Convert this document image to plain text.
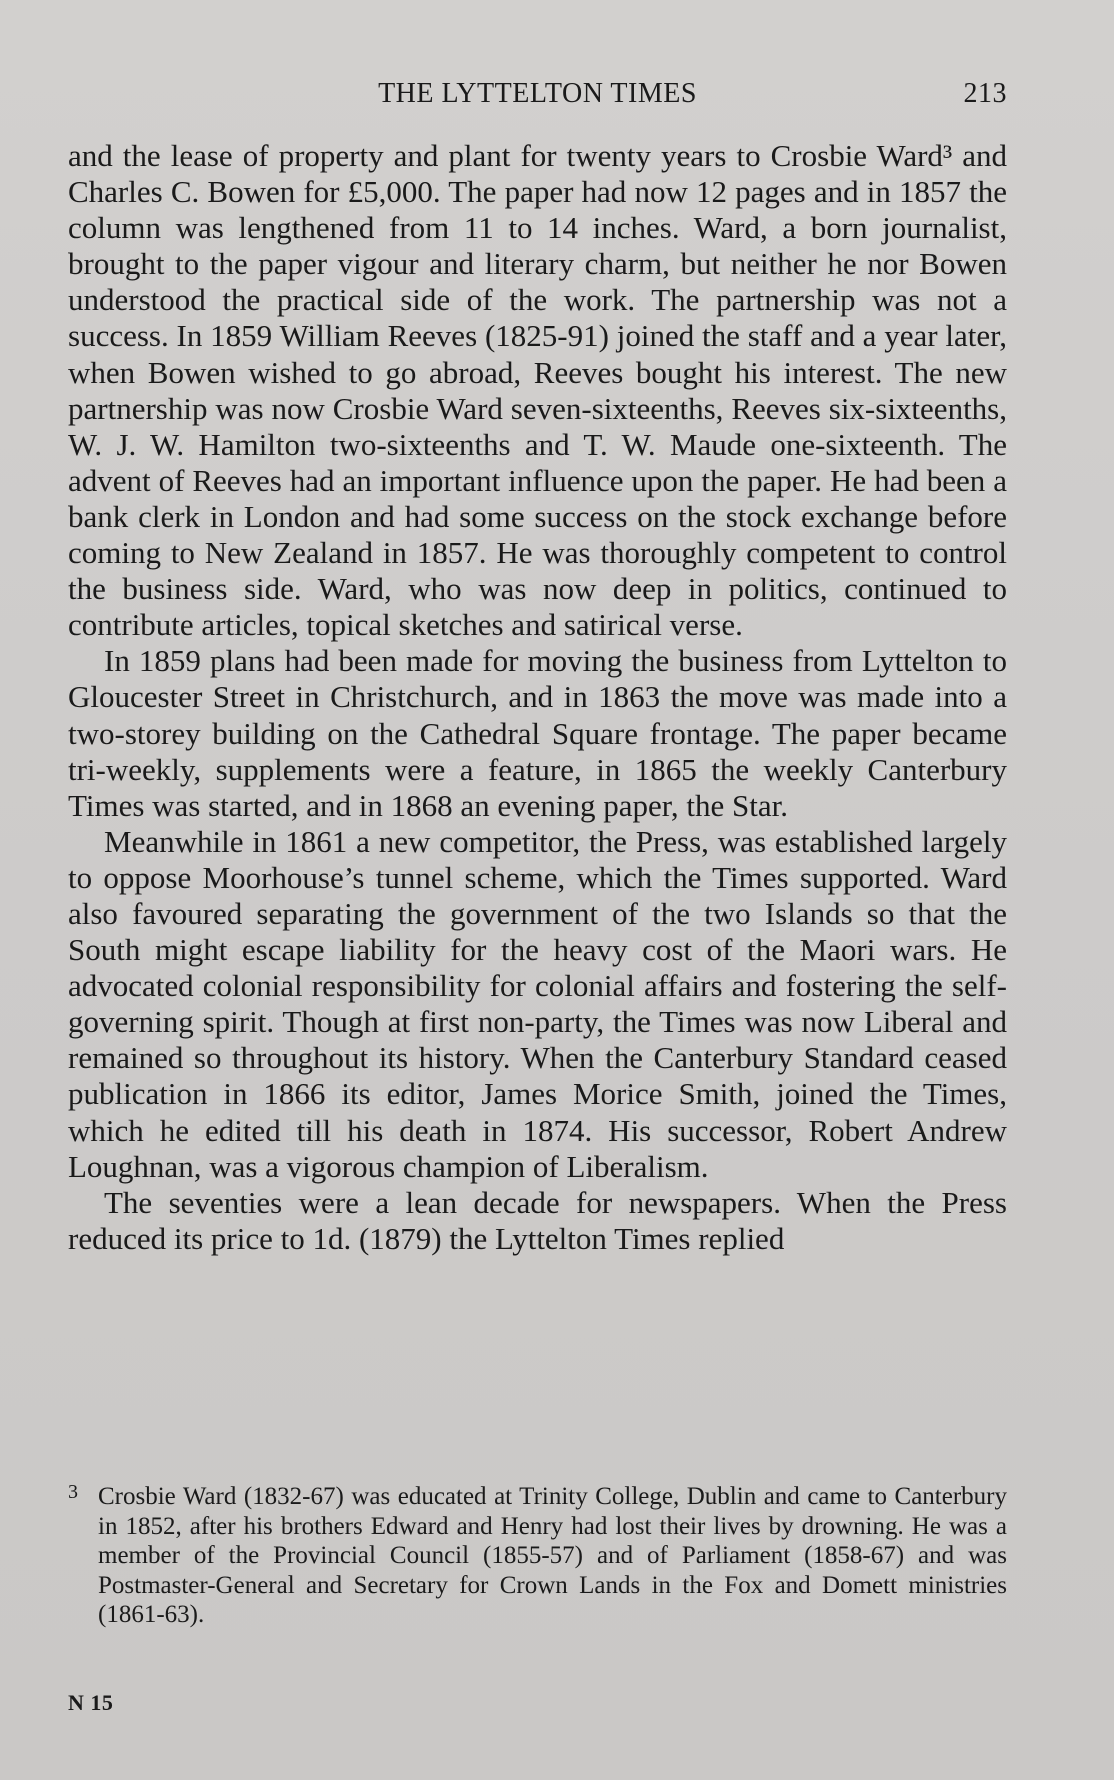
THE LYTTELTON TIMES	213

and the lease of property and plant for twenty years to Crosbie Ward³ and Charles C. Bowen for £5,000. The paper had now 12 pages and in 1857 the column was lengthened from 11 to 14 inches. Ward, a born journalist, brought to the paper vigour and literary charm, but neither he nor Bowen understood the practical side of the work. The partnership was not a success. In 1859 William Reeves (1825-91) joined the staff and a year later, when Bowen wished to go abroad, Reeves bought his interest. The new partnership was now Crosbie Ward seven-sixteenths, Reeves six-sixteenths, W. J. W. Hamilton two-sixteenths and T. W. Maude one-sixteenth. The advent of Reeves had an important influence upon the paper. He had been a bank clerk in London and had some success on the stock exchange before coming to New Zealand in 1857. He was thoroughly competent to control the business side. Ward, who was now deep in politics, continued to contribute articles, topical sketches and satirical verse.

In 1859 plans had been made for moving the business from Lyttelton to Gloucester Street in Christchurch, and in 1863 the move was made into a two-storey building on the Cathedral Square frontage. The paper became tri-weekly, supplements were a feature, in 1865 the weekly Canterbury Times was started, and in 1868 an evening paper, the Star.

Meanwhile in 1861 a new competitor, the Press, was established largely to oppose Moorhouse’s tunnel scheme, which the Times supported. Ward also favoured separating the government of the two Islands so that the South might escape liability for the heavy cost of the Maori wars. He advocated colonial responsibility for colonial affairs and fostering the self-governing spirit. Though at first non-party, the Times was now Liberal and remained so throughout its history. When the Canterbury Standard ceased publication in 1866 its editor, James Morice Smith, joined the Times, which he edited till his death in 1874. His successor, Robert Andrew Loughnan, was a vigorous champion of Liberalism.

The seventies were a lean decade for newspapers. When the Press reduced its price to 1d. (1879) the Lyttelton Times replied

3 Crosbie Ward (1832-67) was educated at Trinity College, Dublin and came to Canterbury in 1852, after his brothers Edward and Henry had lost their lives by drowning. He was a member of the Provincial Council (1855-57) and of Parliament (1858-67) and was Postmaster-General and Secretary for Crown Lands in the Fox and Domett ministries (1861-63).

N 15
